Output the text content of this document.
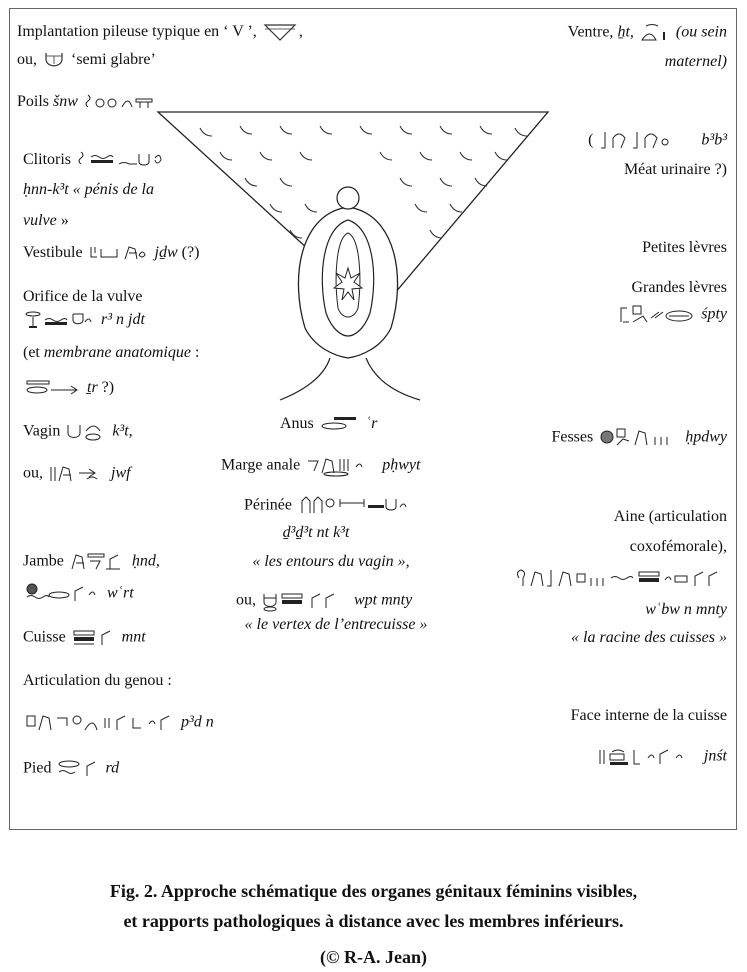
Implantation pileuse typique en ‘ V ’,	,
ou, ‘semi glabre’
Poils šnw
Clitoris
ḥnn-k³t « pénis de la
vulve »
Vestibule	jḏw (?)
Orifice de la vulve
r³ n jdt
(et membrane anatomique :
ṯr ?)
Vagin	k³t,
ou,	jwf
Jambe	ḥnd,
wʿrt
Cuisse	mnt
Articulation du genou :
p³d n
Pied	rd
Anus	ʿr
Marge anale	pḥwyt
Périnée
ḏ³ḏ³t nt k³t
« les entours du vagin »,
ou,	wpt mnty
« le vertex de l’entrecuisse »
Ventre, ẖt,	(ou sein
maternel)
(	b³b³
Méat urinaire ?)
Petites lèvres
Grandes lèvres
śpty
Fesses	ḥpdwy
Aine (articulation
coxofémorale),
wʿbw n mnty
« la racine des cuisses »
Face interne de la cuisse
jnśt
Fig. 2. Approche schématique des organes génitaux féminins visibles,
et rapports pathologiques à distance avec les membres inférieurs.
(© R-A. Jean)
